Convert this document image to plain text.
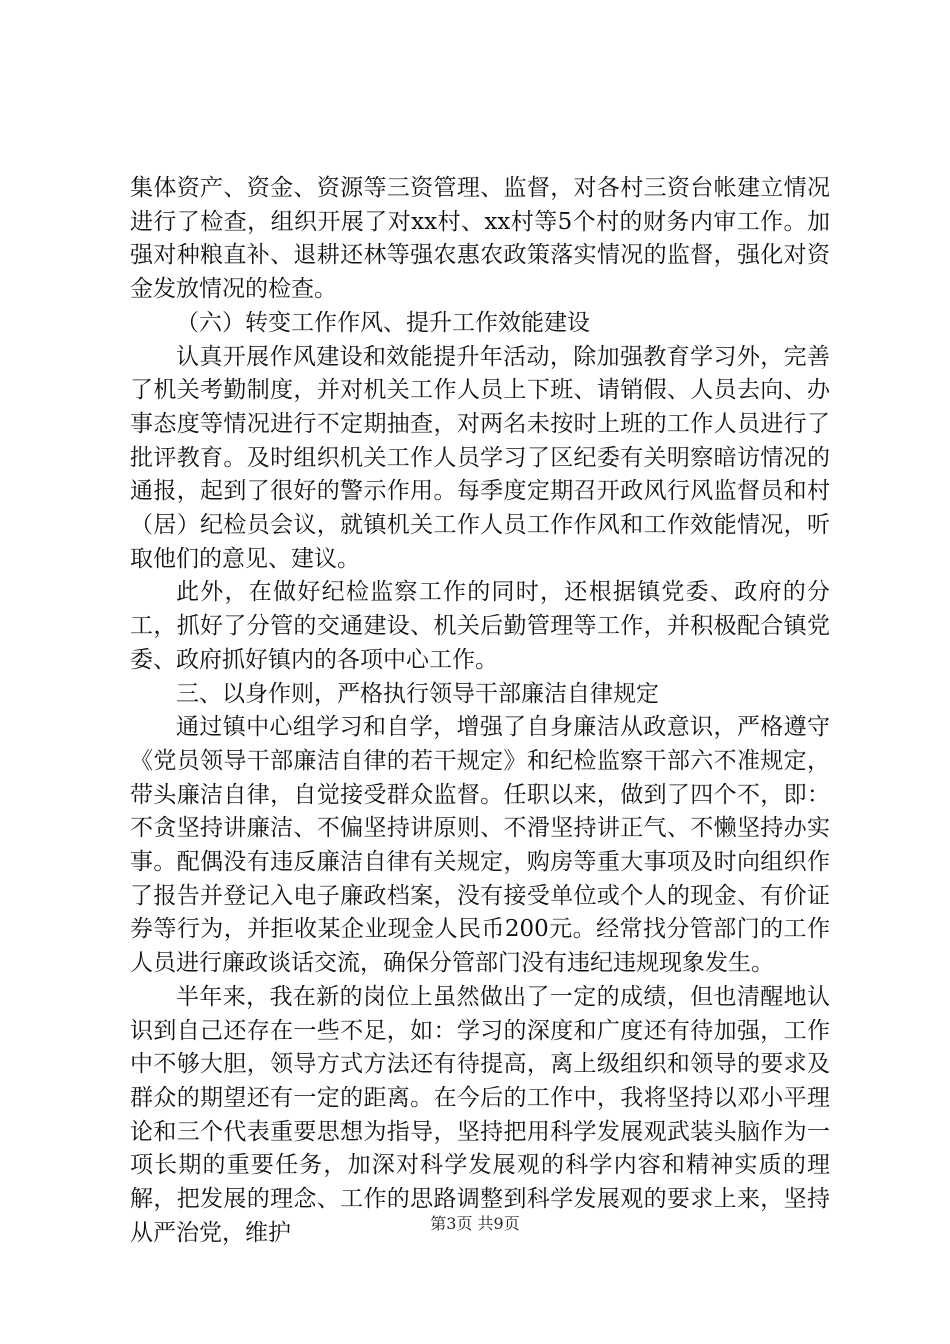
集体资产、资金、资源等三资管理、监督，对各村三资台帐建立情况进行了检查，组织开展了对xx村、xx村等5个村的财务内审工作。加强对种粮直补、退耕还林等强农惠农政策落实情况的监督，强化对资金发放情况的检查。

（六）转变工作作风、提升工作效能建设

认真开展作风建设和效能提升年活动，除加强教育学习外，完善了机关考勤制度，并对机关工作人员上下班、请销假、人员去向、办事态度等情况进行不定期抽查，对两名未按时上班的工作人员进行了批评教育。及时组织机关工作人员学习了区纪委有关明察暗访情况的通报，起到了很好的警示作用。每季度定期召开政风行风监督员和村（居）纪检员会议，就镇机关工作人员工作作风和工作效能情况，听取他们的意见、建议。

此外，在做好纪检监察工作的同时，还根据镇党委、政府的分工，抓好了分管的交通建设、机关后勤管理等工作，并积极配合镇党委、政府抓好镇内的各项中心工作。

三、以身作则，严格执行领导干部廉洁自律规定

通过镇中心组学习和自学，增强了自身廉洁从政意识，严格遵守《党员领导干部廉洁自律的若干规定》和纪检监察干部六不准规定，带头廉洁自律，自觉接受群众监督。任职以来，做到了四个不，即：不贪坚持讲廉洁、不偏坚持讲原则、不滑坚持讲正气、不懒坚持办实事。配偶没有违反廉洁自律有关规定，购房等重大事项及时向组织作了报告并登记入电子廉政档案，没有接受单位或个人的现金、有价证券等行为，并拒收某企业现金人民币200元。经常找分管部门的工作人员进行廉政谈话交流，确保分管部门没有违纪违规现象发生。

半年来，我在新的岗位上虽然做出了一定的成绩，但也清醒地认识到自己还存在一些不足，如：学习的深度和广度还有待加强，工作中不够大胆，领导方式方法还有待提高，离上级组织和领导的要求及群众的期望还有一定的距离。在今后的工作中，我将坚持以邓小平理论和三个代表重要思想为指导，坚持把用科学发展观武装头脑作为一项长期的重要任务，加深对科学发展观的科学内容和精神实质的理解，把发展的理念、工作的思路调整到科学发展观的要求上来，坚持从严治党，维护	第3页 共9页
